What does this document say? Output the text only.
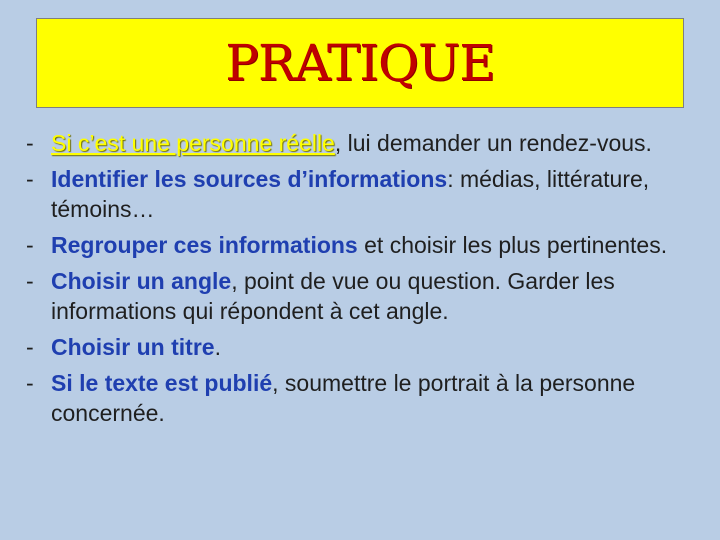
PRATIQUE
- Si c’est une personne réelle, lui demander un rendez-vous.
- Identifier les sources d’informations: médias, littérature, témoins…
- Regrouper ces informations et choisir les plus pertinentes.
- Choisir un angle, point de vue ou question. Garder les informations qui répondent à cet angle.
- Choisir un titre.
- Si le texte est publié, soumettre le portrait à la personne concernée.
